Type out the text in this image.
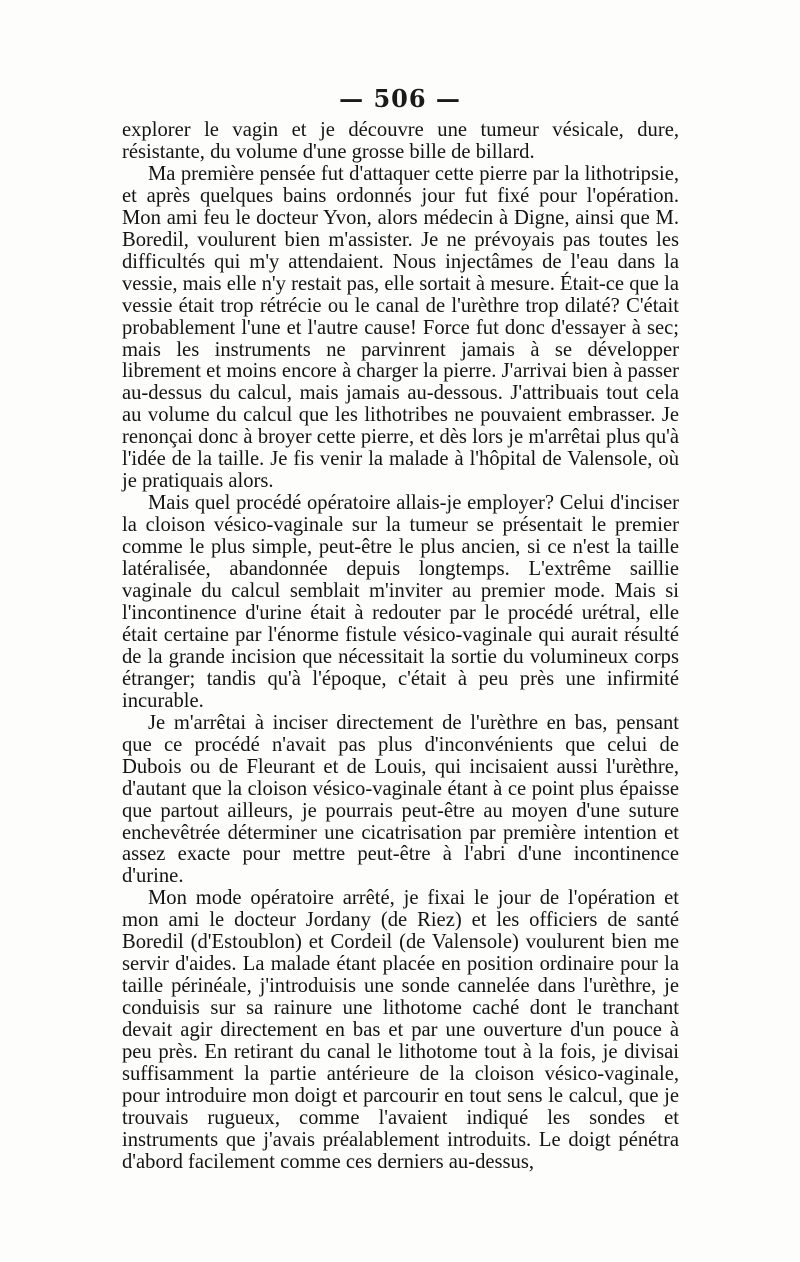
— 506 —

explorer le vagin et je découvre une tumeur vésicale, dure, résistante, du volume d'une grosse bille de billard.

Ma première pensée fut d'attaquer cette pierre par la lithotripsie, et après quelques bains ordonnés jour fut fixé pour l'opération. Mon ami feu le docteur Yvon, alors médecin à Digne, ainsi que M. Boredil, voulurent bien m'assister. Je ne prévoyais pas toutes les difficultés qui m'y attendaient. Nous injectâmes de l'eau dans la vessie, mais elle n'y restait pas, elle sortait à mesure. Était-ce que la vessie était trop rétrécie ou le canal de l'urèthre trop dilaté? C'était probablement l'une et l'autre cause! Force fut donc d'essayer à sec; mais les instruments ne parvinrent jamais à se développer librement et moins encore à charger la pierre. J'arrivai bien à passer au-dessus du calcul, mais jamais au-dessous. J'attribuais tout cela au volume du calcul que les lithotribes ne pouvaient embrasser. Je renonçai donc à broyer cette pierre, et dès lors je m'arrêtai plus qu'à l'idée de la taille. Je fis venir la malade à l'hôpital de Valensole, où je pratiquais alors.

Mais quel procédé opératoire allais-je employer? Celui d'inciser la cloison vésico-vaginale sur la tumeur se présentait le premier comme le plus simple, peut-être le plus ancien, si ce n'est la taille latéralisée, abandonnée depuis longtemps. L'extrême saillie vaginale du calcul semblait m'inviter au premier mode. Mais si l'incontinence d'urine était à redouter par le procédé urétral, elle était certaine par l'énorme fistule vésico-vaginale qui aurait résulté de la grande incision que nécessitait la sortie du volumineux corps étranger; tandis qu'à l'époque, c'était à peu près une infirmité incurable.

Je m'arrêtai à inciser directement de l'urèthre en bas, pensant que ce procédé n'avait pas plus d'inconvénients que celui de Dubois ou de Fleurant et de Louis, qui incisaient aussi l'urèthre, d'autant que la cloison vésico-vaginale étant à ce point plus épaisse que partout ailleurs, je pourrais peut-être au moyen d'une suture enchevêtrée déterminer une cicatrisation par première intention et assez exacte pour mettre peut-être à l'abri d'une incontinence d'urine.

Mon mode opératoire arrêté, je fixai le jour de l'opération et mon ami le docteur Jordany (de Riez) et les officiers de santé Boredil (d'Estoublon) et Cordeil (de Valensole) voulurent bien me servir d'aides. La malade étant placée en position ordinaire pour la taille périnéale, j'introduisis une sonde cannelée dans l'urèthre, je conduisis sur sa rainure une lithotome caché dont le tranchant devait agir directement en bas et par une ouverture d'un pouce à peu près. En retirant du canal le lithotome tout à la fois, je divisai suffisamment la partie antérieure de la cloison vésico-vaginale, pour introduire mon doigt et parcourir en tout sens le calcul, que je trouvais rugueux, comme l'avaient indiqué les sondes et instruments que j'avais préalablement introduits. Le doigt pénétra d'abord facilement comme ces derniers au-dessus,
